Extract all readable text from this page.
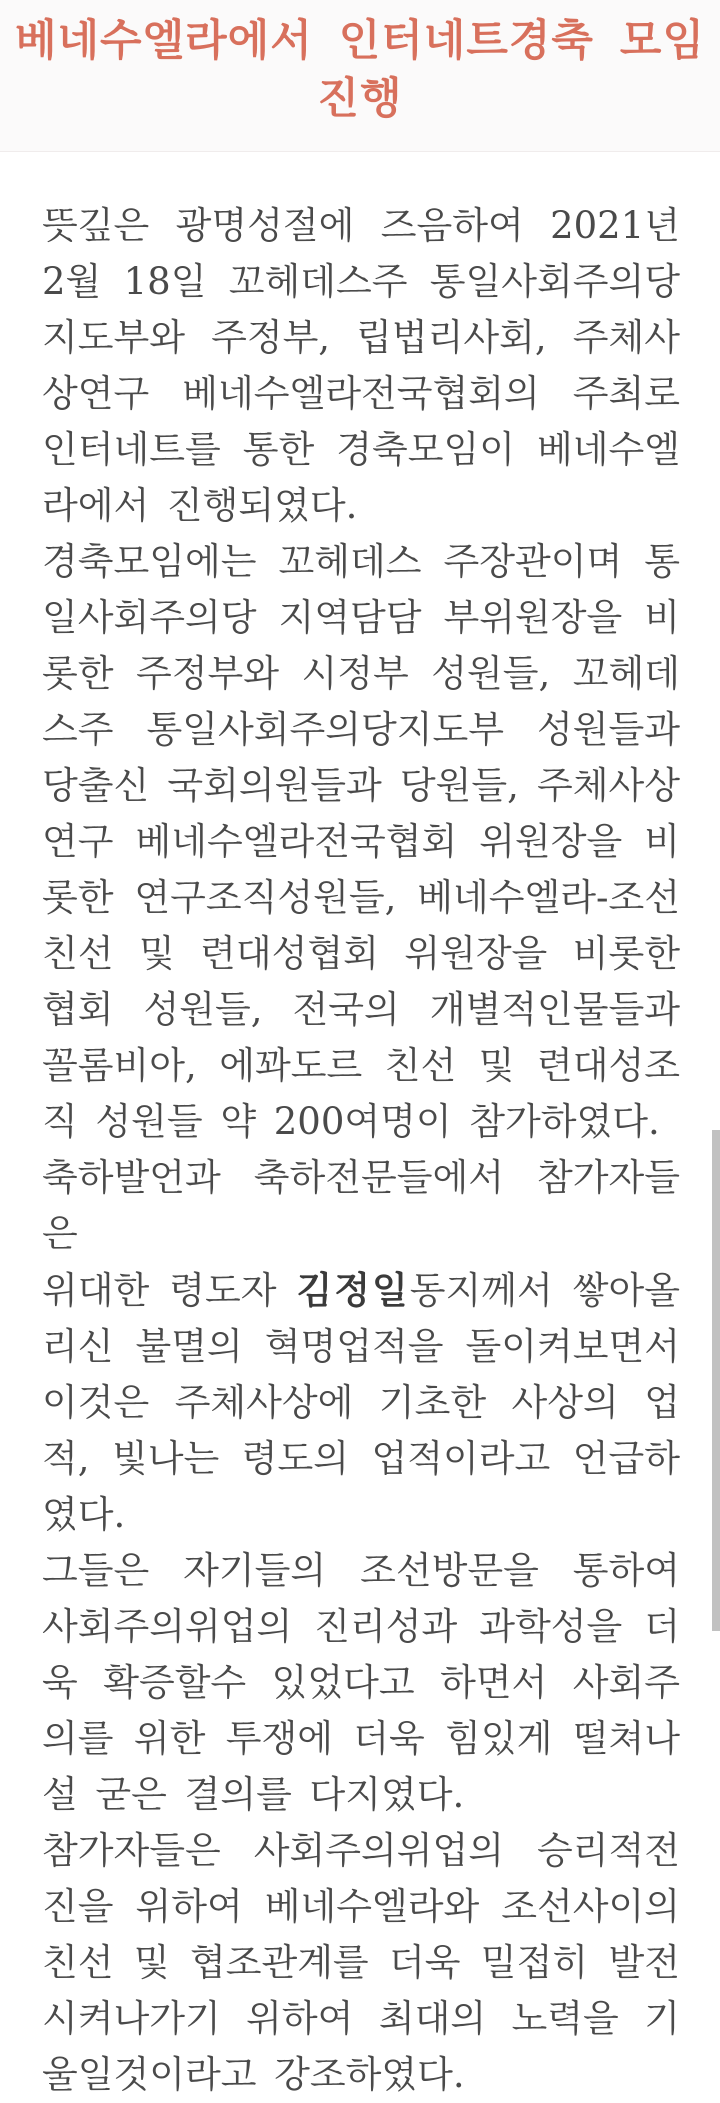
베네수엘라에서 인터네트경축 모임 진행

뜻깊은 광명성절에 즈음하여 2021년 2월 18일 꼬헤데스주 통일사회주의당지도부와 주정부, 립법리사회, 주체사상연구 베네수엘라전국협회의 주최로 인터네트를 통한 경축모임이 베네수엘라에서 진행되였다.

경축모임에는 꼬헤데스 주장관이며 통일사회주의당 지역담담 부위원장을 비롯한 주정부와 시정부 성원들, 꼬헤데스주 통일사회주의당지도부 성원들과 당출신 국회의원들과 당원들, 주체사상연구 베네수엘라전국협회 위원장을 비롯한 연구조직성원들, 베네수엘라-조선친선 및 련대성협회 위원장을 비롯한 협회 성원들, 전국의 개별적인물들과 꼴롬비아, 에꽈도르 친선 및 련대성조직 성원들 약 200여명이 참가하였다.

축하발언과 축하전문들에서 참가자들은
위대한 령도자 김정일동지께서 쌓아올리신 불멸의 혁명업적을 돌이켜보면서 이것은 주체사상에 기초한 사상의 업적, 빛나는 령도의 업적이라고 언급하였다.

그들은 자기들의 조선방문을 통하여 사회주의위업의 진리성과 과학성을 더욱 확증할수 있었다고 하면서 사회주의를 위한 투쟁에 더욱 힘있게 떨쳐나설 굳은 결의를 다지였다.

참가자들은 사회주의위업의 승리적전진을 위하여 베네수엘라와 조선사이의 친선 및 협조관계를 더욱 밀접히 발전시켜나가기 위하여 최대의 노력을 기울일것이라고 강조하였다.
